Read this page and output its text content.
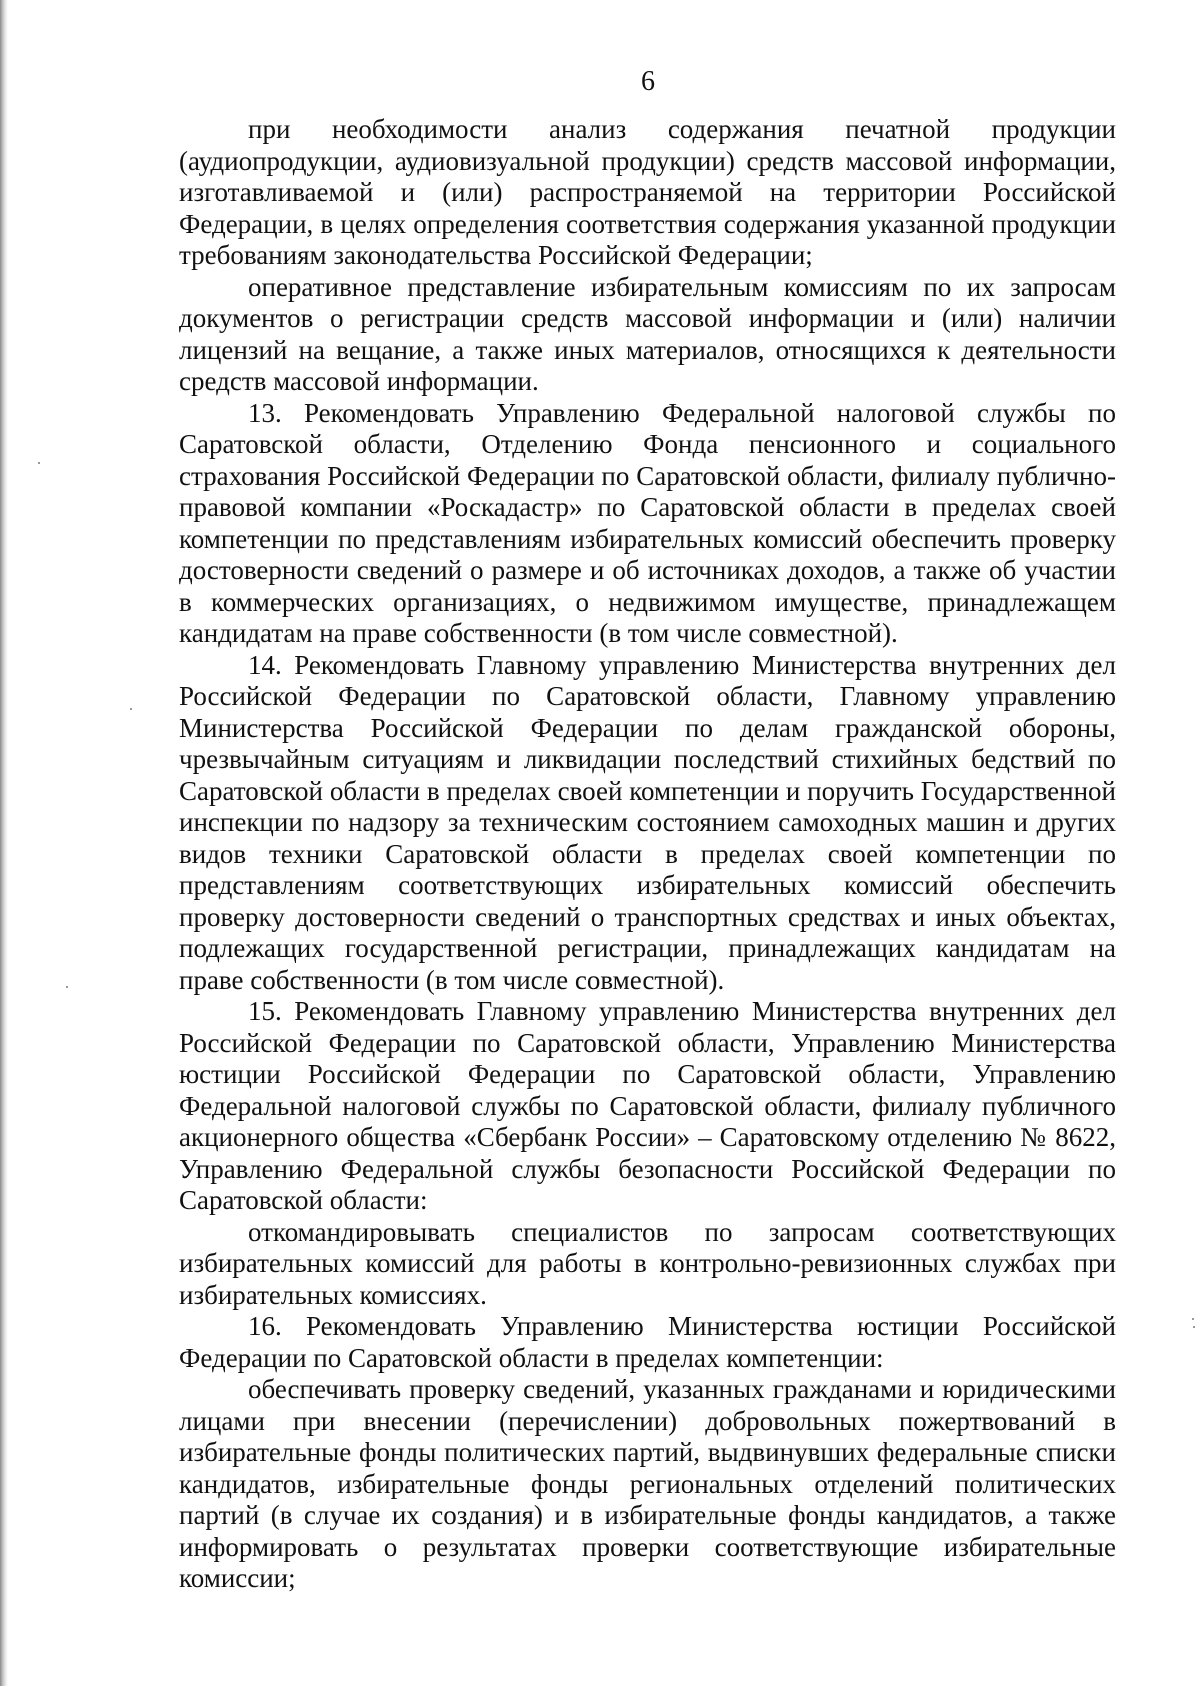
6

при необходимости анализ содержания печатной продукции (аудиопродукции, аудиовизуальной продукции) средств массовой информации, изготавливаемой и (или) распространяемой на территории Российской Федерации, в целях определения соответствия содержания указанной продукции требованиям законодательства Российской Федерации;

оперативное представление избирательным комиссиям по их запросам документов о регистрации средств массовой информации и (или) наличии лицензий на вещание, а также иных материалов, относящихся к деятельности средств массовой информации.

13. Рекомендовать Управлению Федеральной налоговой службы по Саратовской области, Отделению Фонда пенсионного и социального страхования Российской Федерации по Саратовской области, филиалу публично-правовой компании «Роскадастр» по Саратовской области в пределах своей компетенции по представлениям избирательных комиссий обеспечить проверку достоверности сведений о размере и об источниках доходов, а также об участии в коммерческих организациях, о недвижимом имуществе, принадлежащем кандидатам на праве собственности (в том числе совместной).

14. Рекомендовать Главному управлению Министерства внутренних дел Российской Федерации по Саратовской области, Главному управлению Министерства Российской Федерации по делам гражданской обороны, чрезвычайным ситуациям и ликвидации последствий стихийных бедствий по Саратовской области в пределах своей компетенции и поручить Государственной инспекции по надзору за техническим состоянием самоходных машин и других видов техники Саратовской области в пределах своей компетенции по представлениям соответствующих избирательных комиссий обеспечить проверку достоверности сведений о транспортных средствах и иных объектах, подлежащих государственной регистрации, принадлежащих кандидатам на праве собственности (в том числе совместной).

15. Рекомендовать Главному управлению Министерства внутренних дел Российской Федерации по Саратовской области, Управлению Министерства юстиции Российской Федерации по Саратовской области, Управлению Федеральной налоговой службы по Саратовской области, филиалу публичного акционерного общества «Сбербанк России» – Саратовскому отделению № 8622, Управлению Федеральной службы безопасности Российской Федерации по Саратовской области:

откомандировывать специалистов по запросам соответствующих избирательных комиссий для работы в контрольно-ревизионных службах при избирательных комиссиях.

16. Рекомендовать Управлению Министерства юстиции Российской Федерации по Саратовской области в пределах компетенции:

обеспечивать проверку сведений, указанных гражданами и юридическими лицами при внесении (перечислении) добровольных пожертвований в избирательные фонды политических партий, выдвинувших федеральные списки кандидатов, избирательные фонды региональных отделений политических партий (в случае их создания) и в избирательные фонды кандидатов, а также информировать о результатах проверки соответствующие избирательные комиссии;
